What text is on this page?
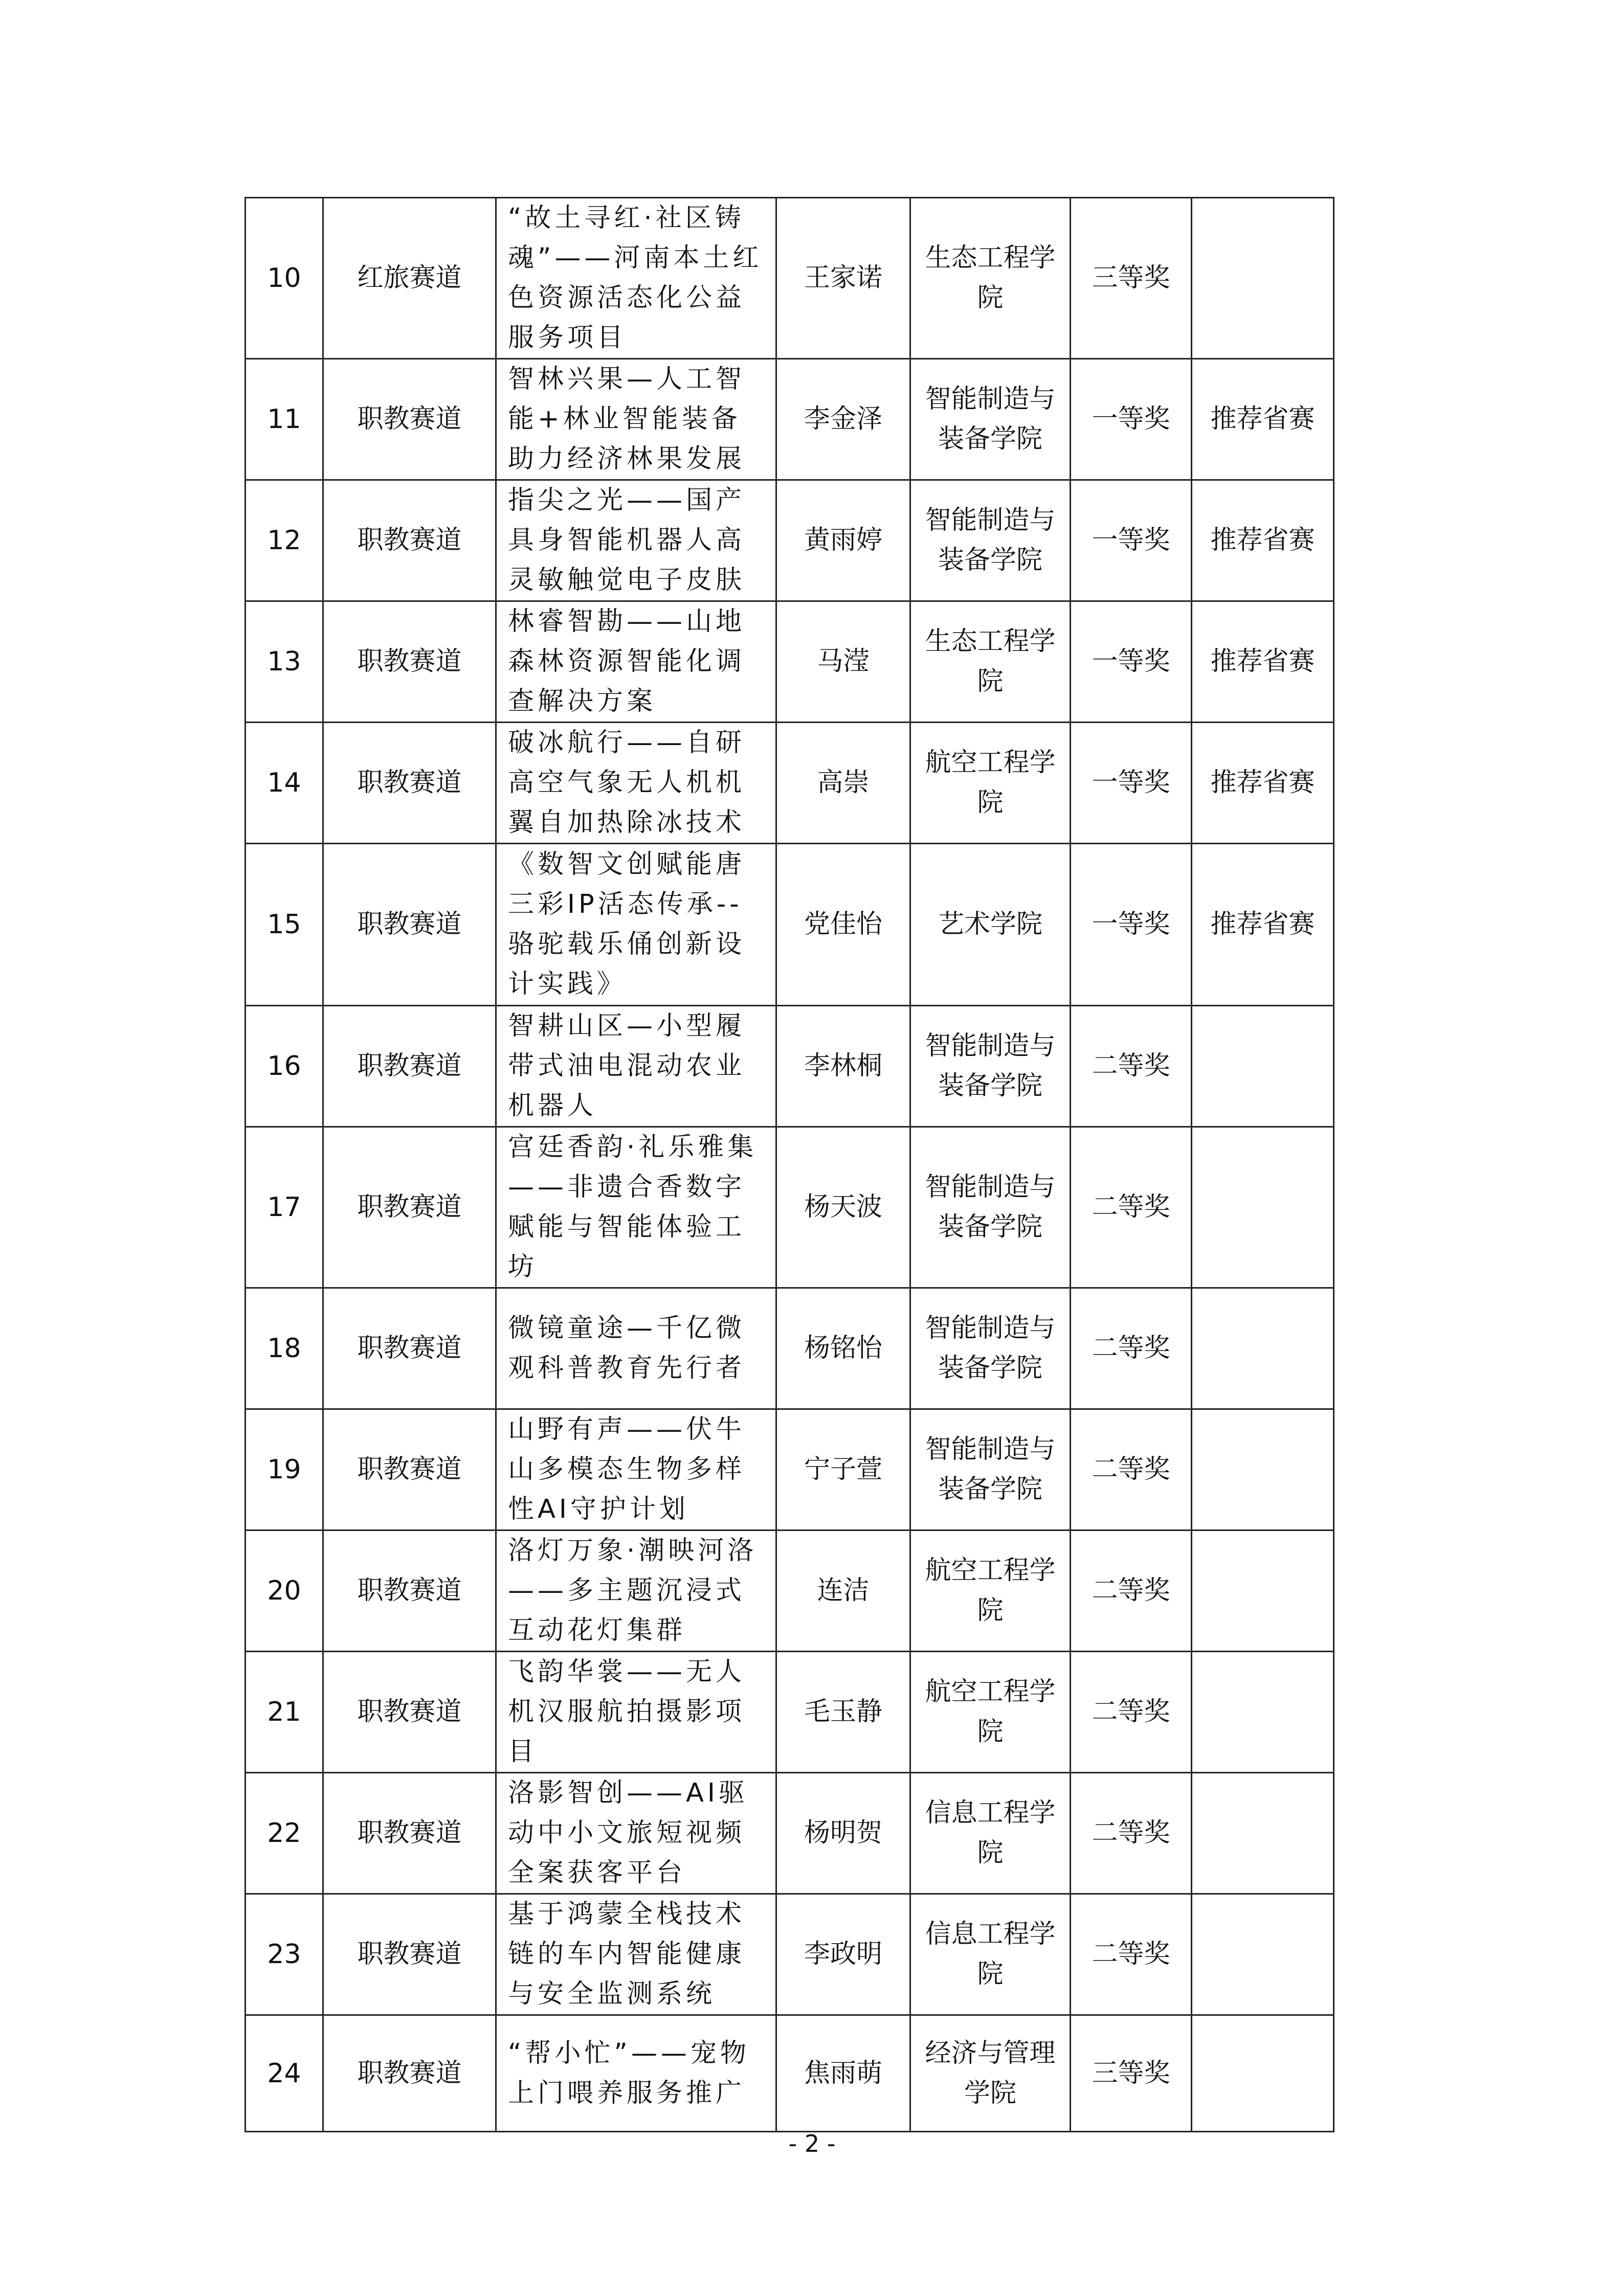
10	红旅赛道	“故土寻红·社区铸魂”——河南本土红色资源活态化公益服务项目	王家诺	生态工程学院	三等奖	
11	职教赛道	智林兴果—人工智能+林业智能装备助力经济林果发展	李金泽	智能制造与装备学院	一等奖	推荐省赛
12	职教赛道	指尖之光——国产具身智能机器人高灵敏触觉电子皮肤	黄雨婷	智能制造与装备学院	一等奖	推荐省赛
13	职教赛道	林睿智勘——山地森林资源智能化调查解决方案	马滢	生态工程学院	一等奖	推荐省赛
14	职教赛道	破冰航行——自研高空气象无人机机翼自加热除冰技术	高崇	航空工程学院	一等奖	推荐省赛
15	职教赛道	《数智文创赋能唐三彩IP活态传承--骆驼载乐俑创新设计实践》	党佳怡	艺术学院	一等奖	推荐省赛
16	职教赛道	智耕山区—小型履带式油电混动农业机器人	李林桐	智能制造与装备学院	二等奖	
17	职教赛道	宫廷香韵·礼乐雅集——非遗合香数字赋能与智能体验工坊	杨天波	智能制造与装备学院	二等奖	
18	职教赛道	微镜童途—千亿微观科普教育先行者	杨铭怡	智能制造与装备学院	二等奖	
19	职教赛道	山野有声——伏牛山多模态生物多样性AI守护计划	宁子萱	智能制造与装备学院	二等奖	
20	职教赛道	洛灯万象·潮映河洛——多主题沉浸式互动花灯集群	连洁	航空工程学院	二等奖	
21	职教赛道	飞韵华裳——无人机汉服航拍摄影项目	毛玉静	航空工程学院	二等奖	
22	职教赛道	洛影智创——AI驱动中小文旅短视频全案获客平台	杨明贺	信息工程学院	二等奖	
23	职教赛道	基于鸿蒙全栈技术链的车内智能健康与安全监测系统	李政明	信息工程学院	二等奖	
24	职教赛道	“帮小忙”——宠物上门喂养服务推广	焦雨萌	经济与管理学院	三等奖	
- 2 -
